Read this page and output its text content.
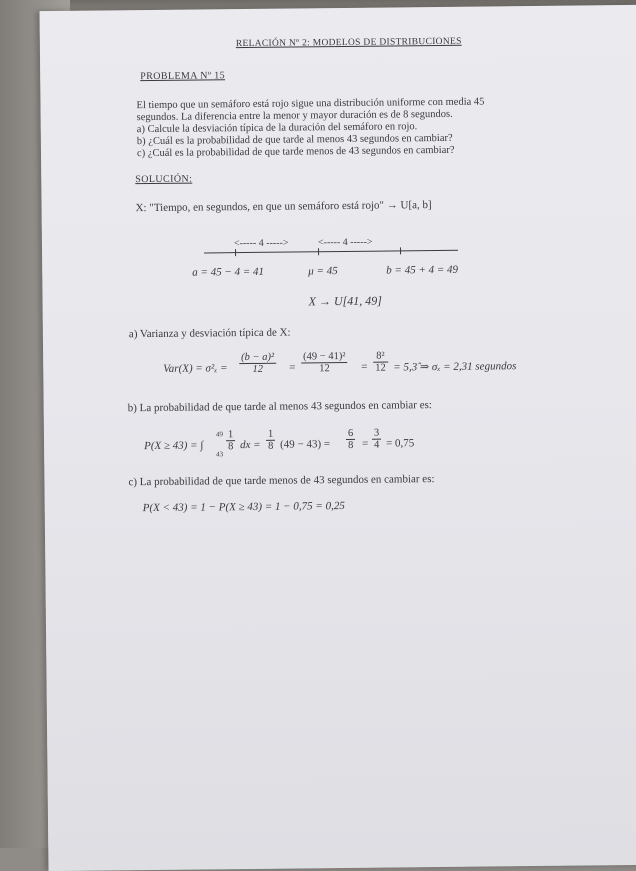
RELACIÓN Nº 2: MODELOS DE DISTRIBUCIONES
PROBLEMA Nº 15
El tiempo que un semáforo está rojo sigue una distribución uniforme con media 45
segundos. La diferencia entre la menor y mayor duración es de 8 segundos.
a) Calcule la desviación típica de la duración del semáforo en rojo.
b) ¿Cuál es la probabilidad de que tarde al menos 43 segundos en cambiar?
c) ¿Cuál es la probabilidad de que tarde menos de 43 segundos en cambiar?
SOLUCIÓN:
X: "Tiempo, en segundos, en que un semáforo está rojo" → U[a, b]
<----- 4 ----->	<----- 4 ----->
a = 45 − 4 = 41	μ = 45	b = 45 + 4 = 49
X → U[41, 49]
a) Varianza y desviación típica de X:
$Var(X) = \sigma^2_x = \frac{\text{(b − a)²}}{12} = \frac{\text{(49 − 41)²}}{12} = \frac{\text{8²}}{12}$ = 5,3̂ ⇒ σₓ = 2,31 segundos
b) La probabilidad de que tarde al menos 43 segundos en cambiar es:
P(X ≥ 43) = ∫
49
43
$\frac{1}{8}$ dx = $\frac{1}{8} (49 - 43) = \frac{6}{8} = \frac{3}{4} = 0,75$
c) La probabilidad de que tarde menos de 43 segundos en cambiar es:
P(X < 43) = 1 − P(X ≥ 43) = 1 − 0,75 = 0,25
